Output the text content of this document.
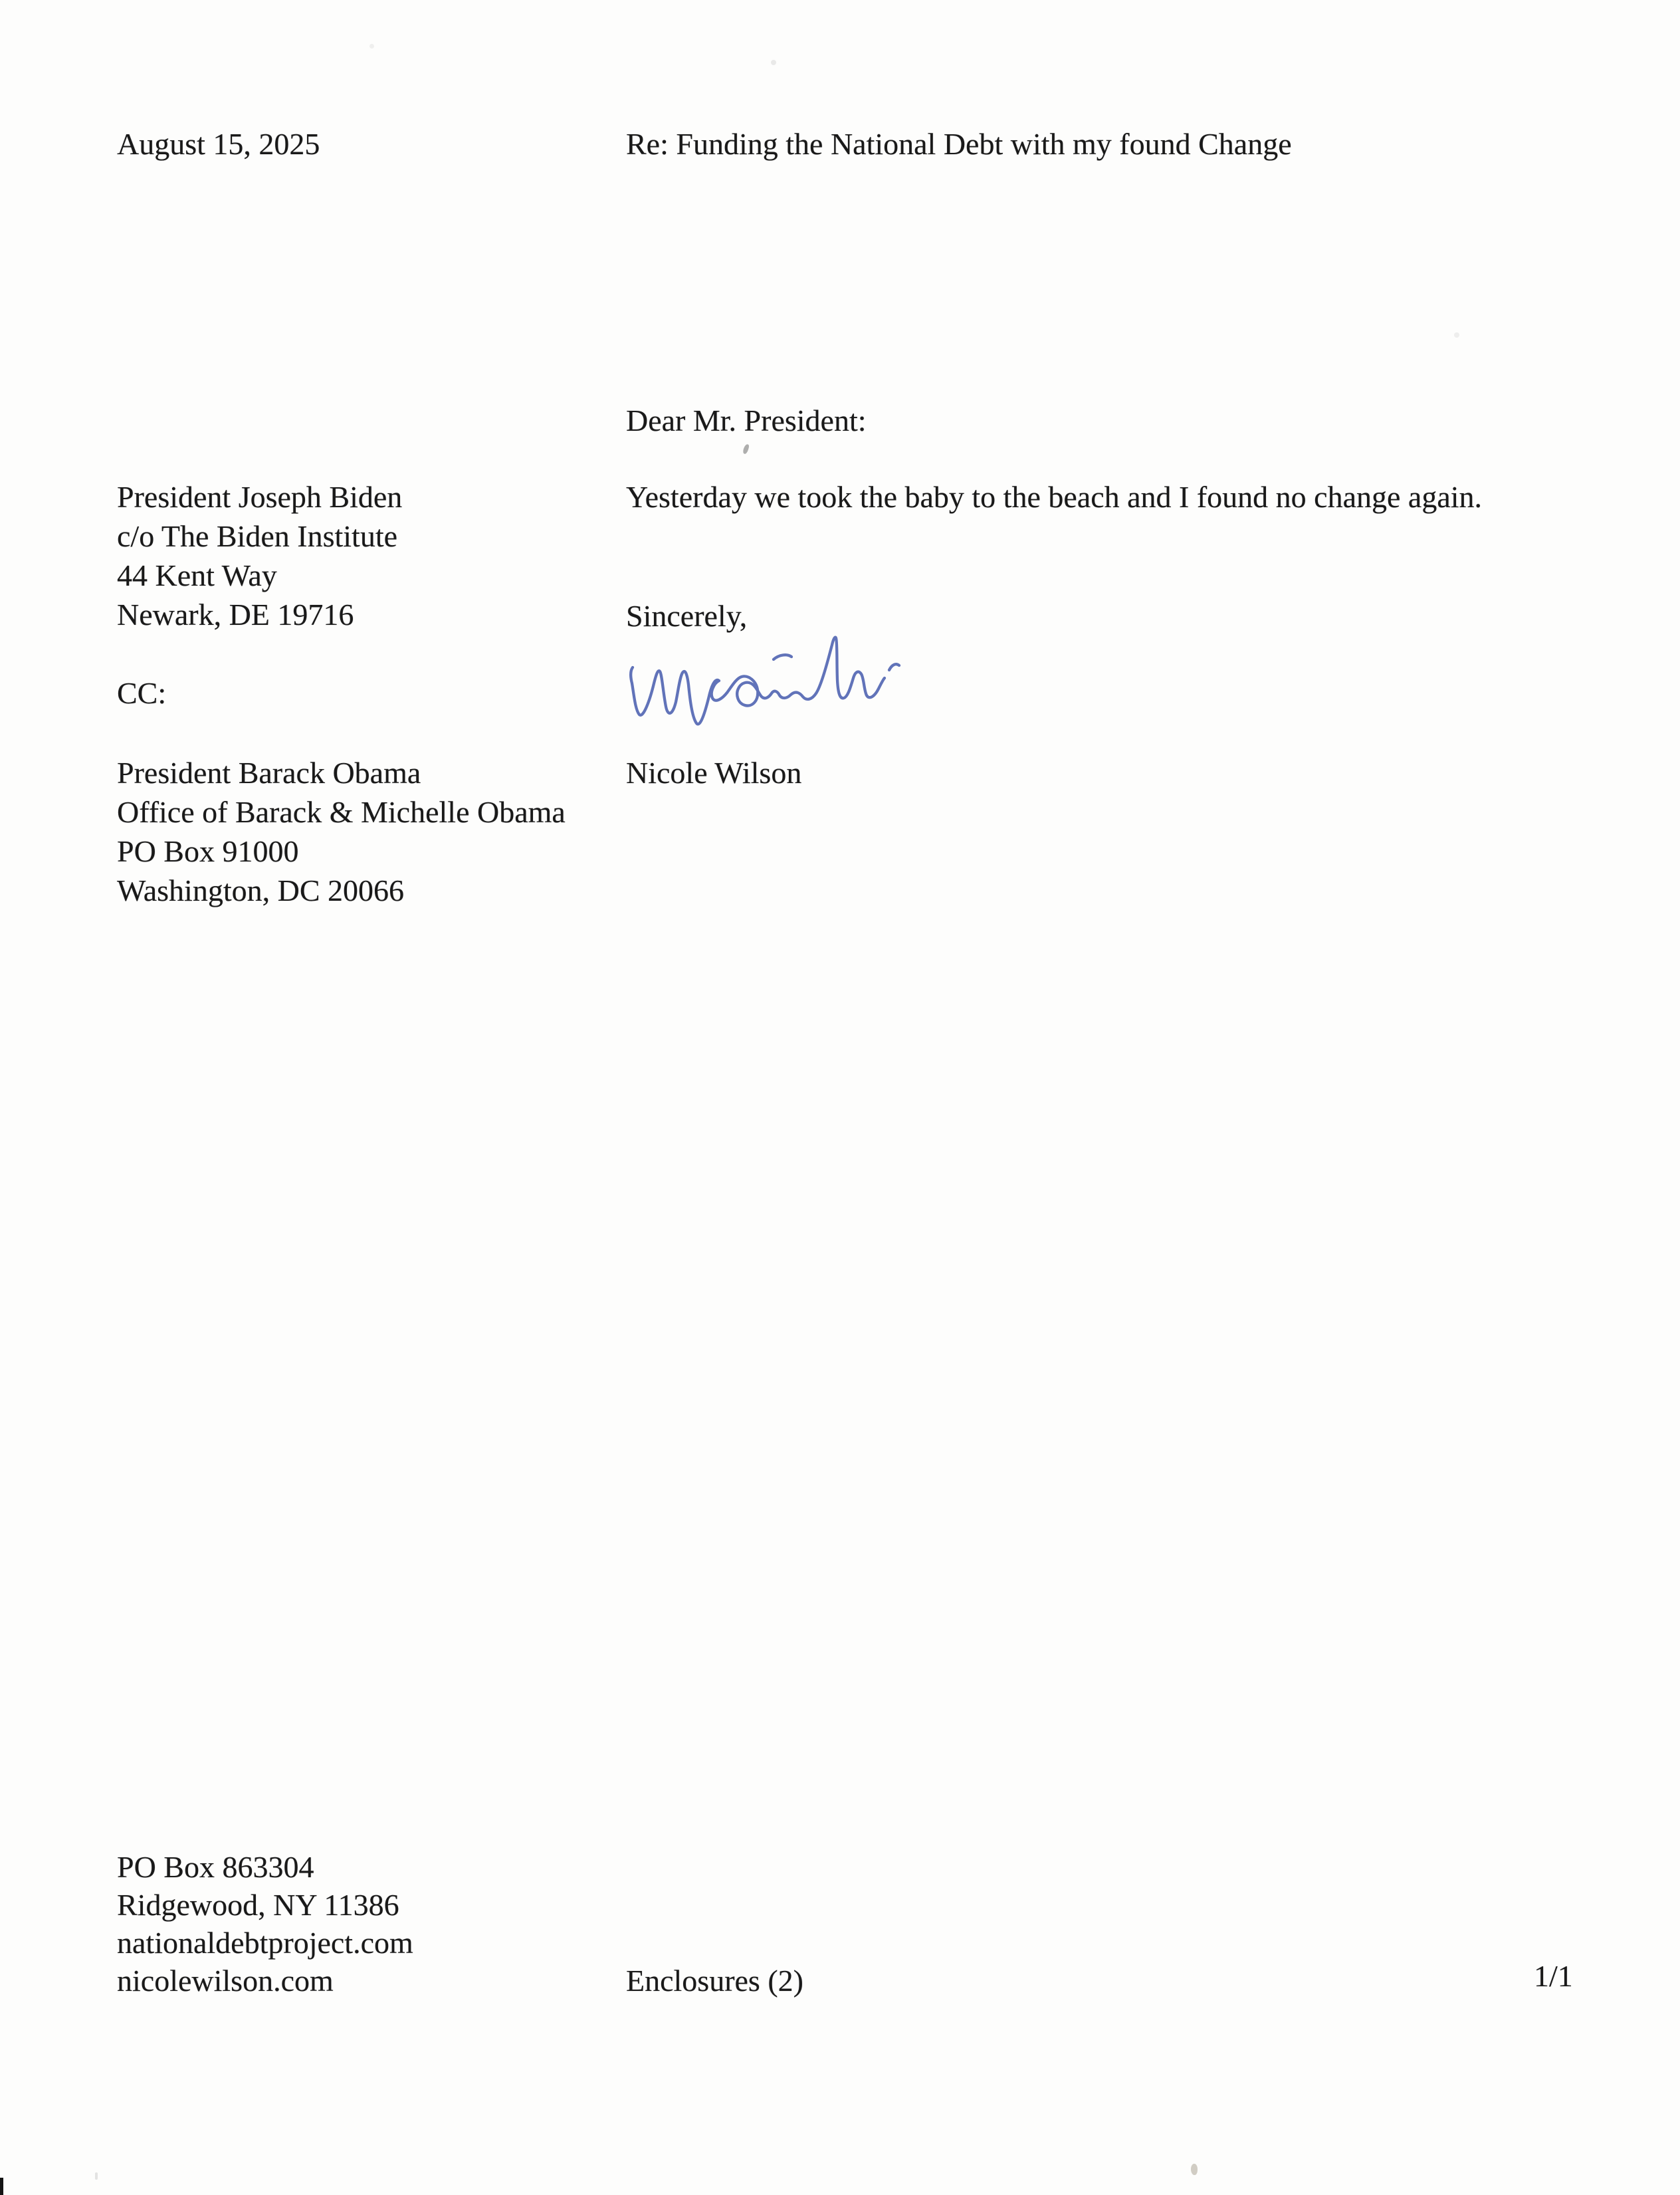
August 15, 2025	Re: Funding the National Debt with my found Change
Dear Mr. President:
President Joseph Biden
c/o The Biden Institute
44 Kent Way
Newark, DE 19716
Yesterday we took the baby to the beach and I found no change again.
Sincerely,
Nicole Wilson
CC:
President Barack Obama
Office of Barack & Michelle Obama
PO Box 91000
Washington, DC 20066
PO Box 863304
Ridgewood, NY 11386
nationaldebtproject.com
nicolewilson.com	Enclosures (2)	1/1
